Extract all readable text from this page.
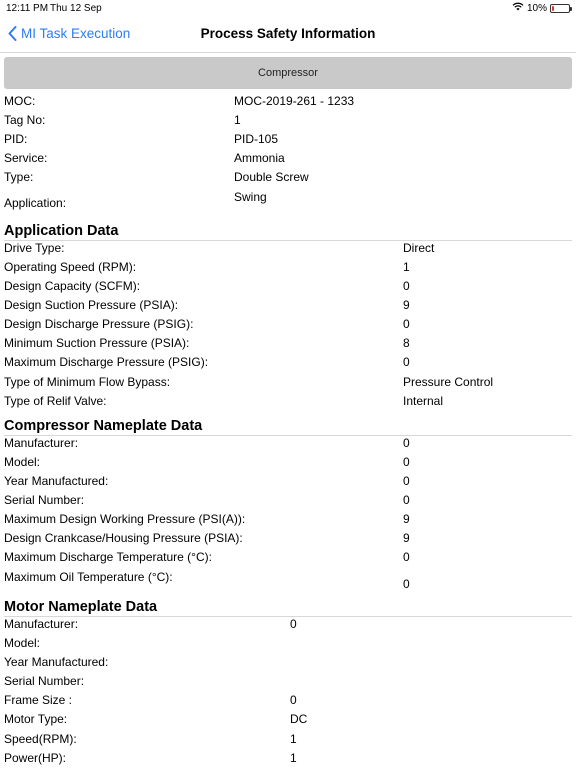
12:11 PM Thu 12 Sep	10%
MI Task Execution	Process Safety Information
Compressor
MOC:	MOC-2019-261 - 1233
Tag No:	1
PID:	PID-105
Service:	Ammonia
Type:	Double Screw
Application:	Swing
Application Data
Drive Type:	Direct
Operating Speed (RPM):	1
Design Capacity (SCFM):	0
Design Suction Pressure (PSIA):	9
Design Discharge Pressure (PSIG):	0
Minimum Suction Pressure (PSIA):	8
Maximum Discharge Pressure (PSIG):	0
Type of Minimum Flow Bypass:	Pressure Control
Type of Relif Valve:	Internal
Compressor Nameplate Data
Manufacturer:	0
Model:	0
Year Manufactured:	0
Serial Number:	0
Maximum Design Working Pressure (PSI(A)):	9
Design Crankcase/Housing Pressure (PSIA):	9
Maximum Discharge Temperature (°C):	0
Maximum Oil Temperature (°C):	0
Motor Nameplate Data
Manufacturer:	0
Model:
Year Manufactured:
Serial Number:
Frame Size :	0
Motor Type:	DC
Speed(RPM):	1
Power(HP):	1
